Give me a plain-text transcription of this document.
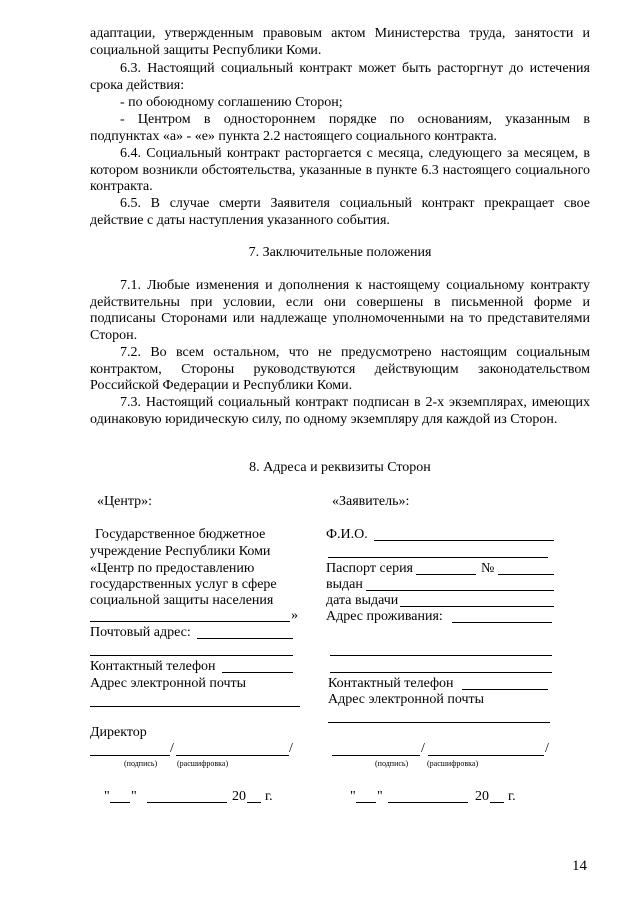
адаптации, утвержденным правовым актом Министерства труда, занятости и
социальной защиты Республики Коми.
6.3. Настоящий социальный контракт может быть расторгнут до истечения
срока действия:
- по обоюдному соглашению Сторон;
- Центром в одностороннем порядке по основаниям, указанным в
подпунктах «а» - «е» пункта 2.2 настоящего социального контракта.
6.4. Социальный контракт расторгается с месяца, следующего за месяцем, в котором возникли обстоятельства, указанные в пункте 6.3 настоящего социального контракта.
6.5. В случае смерти Заявителя социальный контракт прекращает свое действие с даты наступления указанного события.
7. Заключительные положения
7.1. Любые изменения и дополнения к настоящему социальному контракту действительны при условии, если они совершены в письменной форме и подписаны Сторонами или надлежаще уполномоченными на то представителями Сторон.
7.2. Во всем остальном, что не предусмотрено настоящим социальным контрактом, Стороны руководствуются действующим законодательством Российской Федерации и Республики Коми.
7.3. Настоящий социальный контракт подписан в 2-х экземплярах, имеющих одинаковую юридическую силу, по одному экземпляру для каждой из Сторон.
8. Адреса и реквизиты Сторон
«Центр»:
Государственное бюджетное
учреждение Республики Коми
«Центр по предоставлению
государственных услуг в сфере
социальной защиты населения
»
Почтовый адрес:
Контактный телефон
Адрес электронной почты
Директор
/	/
(подпись) (расшифровка)
" "	20 г.
«Заявитель»:
Ф.И.О.
Паспорт серия	№
выдан
дата выдачи
Адрес проживания:
Контактный телефон
Адрес электронной почты
/	/
(подпись) (расшифровка)
" "	20 г.
14
